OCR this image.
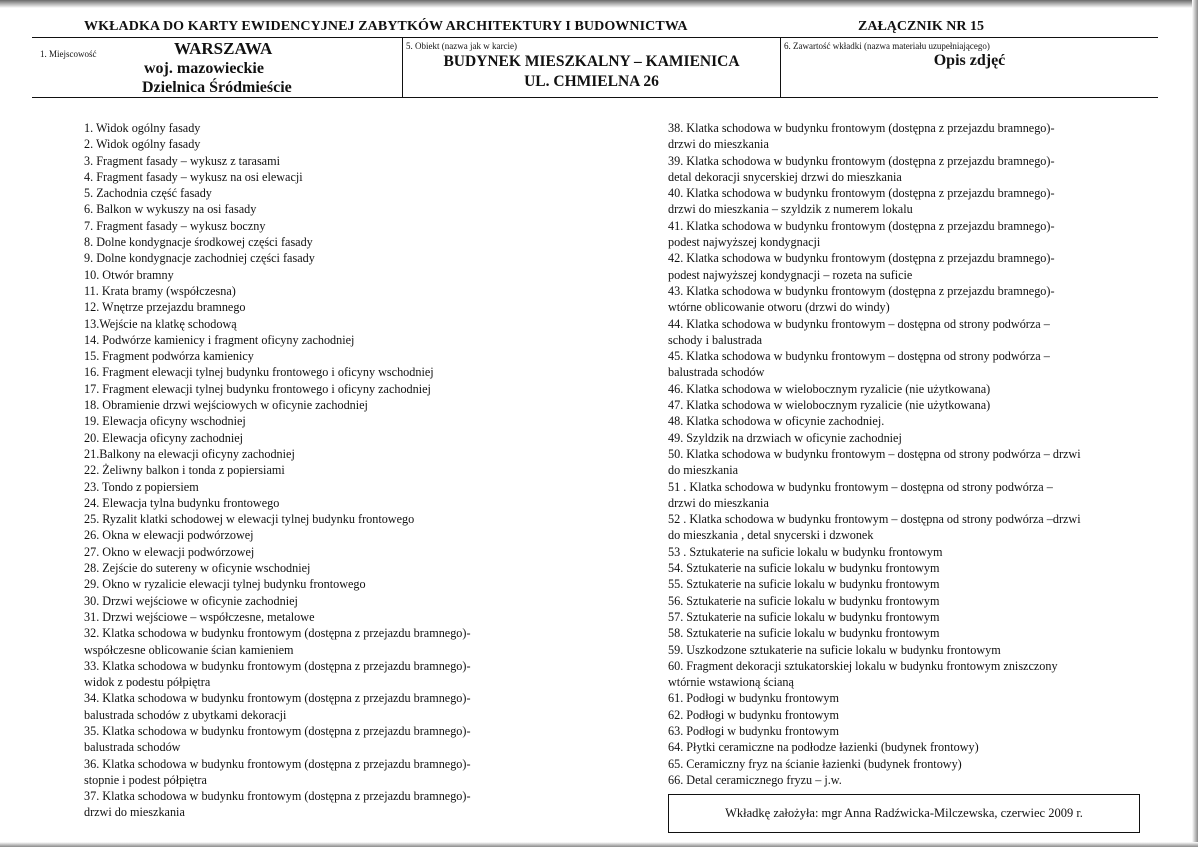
WKŁADKA DO KARTY EWIDENCYJNEJ ZABYTKÓW ARCHITEKTURY I BUDOWNICTWA	ZAŁĄCZNIK NR 15
1. Miejscowość	WARSZAWA
woj. mazowieckie
Dzielnica Śródmieście
5. Obiekt (nazwa jak w karcie)
BUDYNEK MIESZKALNY – KAMIENICA
UL. CHMIELNA 26
6. Zawartość wkładki (nazwa materiału uzupełniającego)
Opis zdjęć
1. Widok ogólny fasady
2. Widok ogólny fasady
3. Fragment fasady – wykusz z tarasami
4. Fragment fasady – wykusz na osi elewacji
5. Zachodnia część fasady
6. Balkon w wykuszy na osi fasady
7. Fragment fasady – wykusz boczny
8. Dolne kondygnacje środkowej części fasady
9. Dolne kondygnacje zachodniej części fasady
10. Otwór bramny
11. Krata bramy (współczesna)
12. Wnętrze przejazdu bramnego
13.Wejście na klatkę schodową
14. Podwórze kamienicy i fragment oficyny zachodniej
15. Fragment podwórza kamienicy
16. Fragment elewacji tylnej budynku frontowego i oficyny wschodniej
17. Fragment elewacji tylnej budynku frontowego i oficyny zachodniej
18. Obramienie drzwi wejściowych w oficynie zachodniej
19. Elewacja oficyny wschodniej
20. Elewacja oficyny zachodniej
21.Balkony na elewacji oficyny zachodniej
22. Żeliwny balkon i tonda z popiersiami
23. Tondo z popiersiem
24. Elewacja tylna budynku frontowego
25. Ryzalit klatki schodowej w elewacji tylnej budynku frontowego
26. Okna w elewacji podwórzowej
27. Okno w elewacji podwórzowej
28. Zejście do sutereny w oficynie wschodniej
29. Okno w ryzalicie elewacji tylnej budynku frontowego
30. Drzwi wejściowe w oficynie zachodniej
31. Drzwi wejściowe – współczesne, metalowe
32. Klatka schodowa w budynku frontowym (dostępna z przejazdu bramnego)-
współczesne oblicowanie ścian kamieniem
33. Klatka schodowa w budynku frontowym (dostępna z przejazdu bramnego)-
widok z podestu półpiętra
34. Klatka schodowa w budynku frontowym (dostępna z przejazdu bramnego)-
balustrada schodów z ubytkami dekoracji
35. Klatka schodowa w budynku frontowym (dostępna z przejazdu bramnego)-
balustrada schodów
36. Klatka schodowa w budynku frontowym (dostępna z przejazdu bramnego)-
stopnie i podest półpiętra
37. Klatka schodowa w budynku frontowym (dostępna z przejazdu bramnego)-
drzwi do mieszkania
38. Klatka schodowa w budynku frontowym (dostępna z przejazdu bramnego)-
drzwi do mieszkania
39. Klatka schodowa w budynku frontowym (dostępna z przejazdu bramnego)-
detal dekoracji snycerskiej drzwi do mieszkania
40. Klatka schodowa w budynku frontowym (dostępna z przejazdu bramnego)-
drzwi do mieszkania – szyldzik z numerem lokalu
41. Klatka schodowa w budynku frontowym (dostępna z przejazdu bramnego)-
podest najwyższej kondygnacji
42. Klatka schodowa w budynku frontowym (dostępna z przejazdu bramnego)-
podest najwyższej kondygnacji – rozeta na suficie
43. Klatka schodowa w budynku frontowym (dostępna z przejazdu bramnego)-
wtórne oblicowanie otworu (drzwi do windy)
44. Klatka schodowa w budynku frontowym – dostępna od strony podwórza –
schody i balustrada
45. Klatka schodowa w budynku frontowym – dostępna od strony podwórza –
balustrada schodów
46. Klatka schodowa w wielobocznym ryzalicie (nie użytkowana)
47. Klatka schodowa w wielobocznym ryzalicie (nie użytkowana)
48. Klatka schodowa w oficynie zachodniej.
49. Szyldzik na drzwiach w oficynie zachodniej
50. Klatka schodowa w budynku frontowym – dostępna od strony podwórza – drzwi
do mieszkania
51 . Klatka schodowa w budynku frontowym – dostępna od strony podwórza –
drzwi do mieszkania
52 . Klatka schodowa w budynku frontowym – dostępna od strony podwórza –drzwi
do mieszkania , detal snycerski i dzwonek
53 . Sztukaterie na suficie lokalu w budynku frontowym
54. Sztukaterie na suficie lokalu w budynku frontowym
55. Sztukaterie na suficie lokalu w budynku frontowym
56. Sztukaterie na suficie lokalu w budynku frontowym
57. Sztukaterie na suficie lokalu w budynku frontowym
58. Sztukaterie na suficie lokalu w budynku frontowym
59. Uszkodzone sztukaterie na suficie lokalu w budynku frontowym
60. Fragment dekoracji sztukatorskiej lokalu w budynku frontowym zniszczony
wtórnie wstawioną ścianą
61. Podłogi w budynku frontowym
62. Podłogi w budynku frontowym
63. Podłogi w budynku frontowym
64. Płytki ceramiczne na podłodze łazienki (budynek frontowy)
65. Ceramiczny fryz na ścianie łazienki (budynek frontowy)
66. Detal ceramicznego fryzu – j.w.
Wkładkę założyła: mgr Anna Radźwicka-Milczewska, czerwiec 2009 r.
